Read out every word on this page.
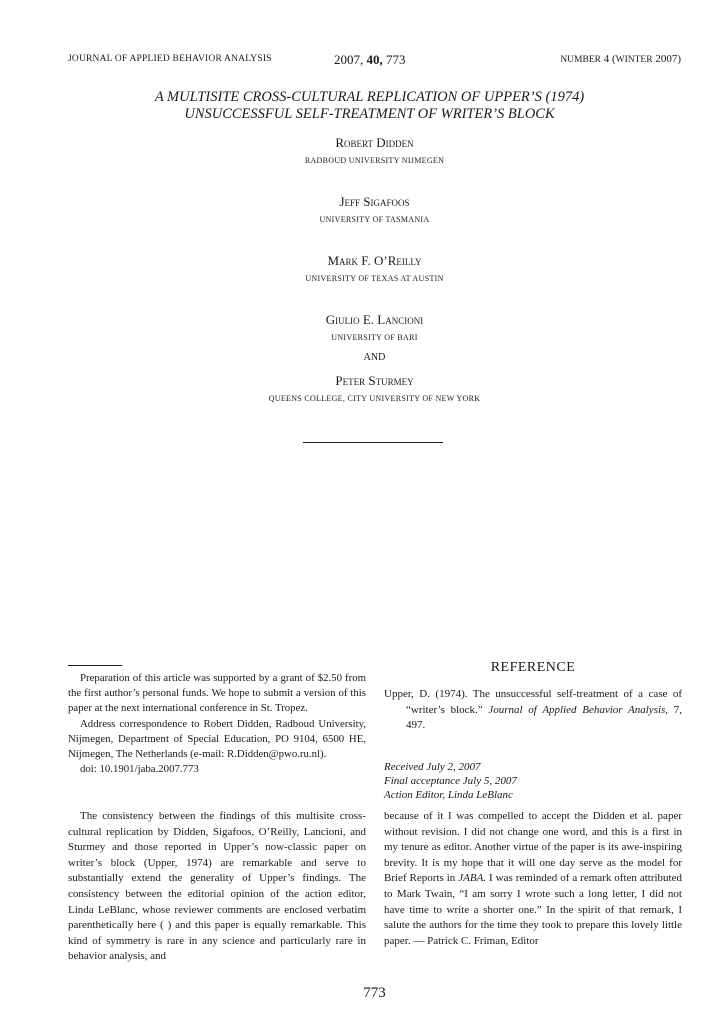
JOURNAL OF APPLIED BEHAVIOR ANALYSIS	2007, 40, 773	NUMBER 4 (WINTER 2007)
A MULTISITE CROSS-CULTURAL REPLICATION OF UPPER’S (1974)
UNSUCCESSFUL SELF-TREATMENT OF WRITER’S BLOCK
Robert Didden
RADBOUD UNIVERSITY NIJMEGEN
Jeff Sigafoos
UNIVERSITY OF TASMANIA
Mark F. O’Reilly
UNIVERSITY OF TEXAS AT AUSTIN
Giulio E. Lancioni
UNIVERSITY OF BARI
AND
Peter Sturmey
QUEENS COLLEGE, CITY UNIVERSITY OF NEW YORK

Preparation of this article was supported by a grant of $2.50 from the first author’s personal funds. We hope to submit a version of this paper at the next international conference in St. Tropez.

Address correspondence to Robert Didden, Radboud University, Nijmegen, Department of Special Education, PO 9104, 6500 HE, Nijmegen, The Netherlands (e-mail: R.Didden@pwo.ru.nl).

doi: 10.1901/jaba.2007.773

REFERENCE
Upper, D. (1974). The unsuccessful self-treatment of a case of “writer’s block.” Journal of Applied Behavior Analysis, 7, 497.
Received July 2, 2007
Final acceptance July 5, 2007
Action Editor, Linda LeBlanc

The consistency between the findings of this multisite cross-cultural replication by Didden, Sigafoos, O’Reilly, Lancioni, and Sturmey and those reported in Upper’s now-classic paper on writer’s block (Upper, 1974) are remarkable and serve to substantially extend the generality of Upper’s findings. The consistency between the editorial opinion of the action editor, Linda LeBlanc, whose reviewer comments are enclosed verbatim parenthetically here ( ) and this paper is equally remarkable. This kind of symmetry is rare in any science and particularly rare in behavior analysis, and

because of it I was compelled to accept the Didden et al. paper without revision. I did not change one word, and this is a first in my tenure as editor. Another virtue of the paper is its awe-inspiring brevity. It is my hope that it will one day serve as the model for Brief Reports in JABA. I was reminded of a remark often attributed to Mark Twain, “I am sorry I wrote such a long letter, I did not have time to write a shorter one.” In the spirit of that remark, I salute the authors for the time they took to prepare this lovely little paper. — Patrick C. Friman, Editor

773
